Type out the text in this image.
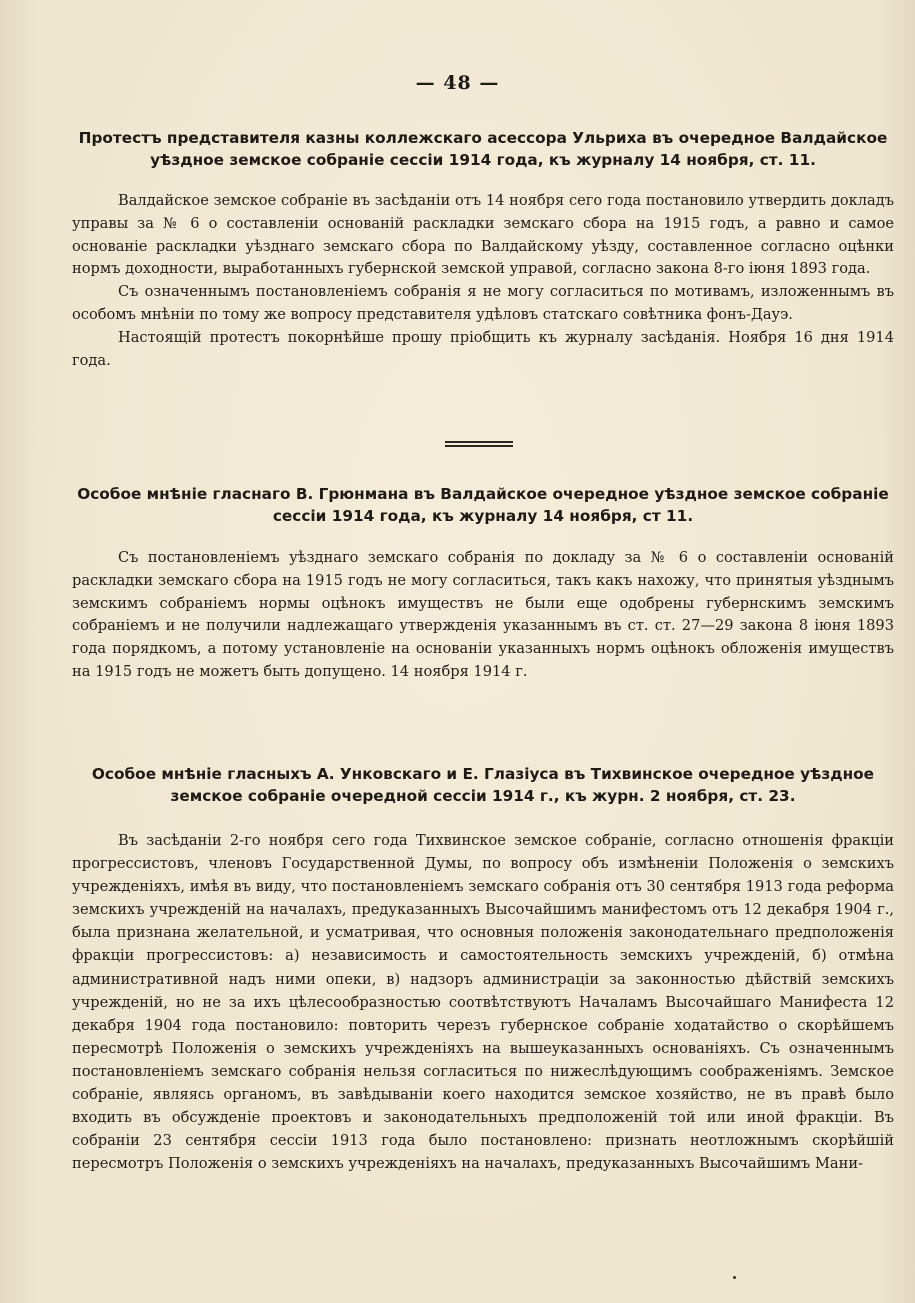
— 48 —

Протестъ представителя казны коллежскаго асессора Ульриха въ очередное Валдайское уѣздное земское собраніе сессіи 1914 года, къ журналу 14 ноября, ст. 11.

Валдайское земское собраніе въ засѣданіи отъ 14 ноября сего года постановило утвердить докладъ управы за № 6 о составленіи основаній раскладки земскаго сбора на 1915 годъ, а равно и самое основаніе раскладки уѣзднаго земскаго сбора по Валдайскому уѣзду, составленное согласно оцѣнки нормъ доходности, выработанныхъ губернской земской управой, согласно закона 8-го іюня 1893 года.

Съ означеннымъ постановленіемъ собранія я не могу согласиться по мотивамъ, изложеннымъ въ особомъ мнѣніи по тому же вопросу представителя удѣловъ статскаго совѣтника фонъ-Дауэ.

Настоящій протестъ покорнѣйше прошу пріобщить къ журналу засѣданія. Ноября 16 дня 1914 года.

Особое мнѣніе гласнаго В. Грюнмана въ Валдайское очередное уѣздное земское собраніе сессіи 1914 года, къ журналу 14 ноября, ст 11.

Съ постановленіемъ уѣзднаго земскаго собранія по докладу за № 6 о составленіи основаній раскладки земскаго сбора на 1915 годъ не могу согласиться, такъ какъ нахожу, что принятыя уѣзднымъ земскимъ собраніемъ нормы оцѣнокъ имуществъ не были еще одобрены губернскимъ земскимъ собраніемъ и не получили надлежащаго утвержденія указаннымъ въ ст. ст. 27—29 закона 8 іюня 1893 года порядкомъ, а потому установленіе на основаніи указанныхъ нормъ оцѣнокъ обложенія имуществъ на 1915 годъ не можетъ быть допущено. 14 ноября 1914 г.

Особое мнѣніе гласныхъ А. Унковскаго и Е. Глазіуса въ Тихвинское очередное уѣздное земское собраніе очередной сессіи 1914 г., къ журн. 2 ноября, ст. 23.

Въ засѣданіи 2-го ноября сего года Тихвинское земское собраніе, согласно отношенія фракціи прогрессистовъ, членовъ Государственной Думы, по вопросу объ измѣненіи Положенія о земскихъ учрежденіяхъ, имѣя въ виду, что постановленіемъ земскаго собранія отъ 30 сентября 1913 года реформа земскихъ учрежденій на началахъ, предуказанныхъ Высочайшимъ манифестомъ отъ 12 декабря 1904 г., была признана желательной, и усматривая, что основныя положенія законодательнаго предположенія фракціи прогрессистовъ: а) независимость и самостоятельность земскихъ учрежденій, б) отмѣна административной надъ ними опеки, в) надзоръ администраціи за законностью дѣйствій земскихъ учрежденій, но не за ихъ цѣлесообразностью соотвѣтствуютъ Началамъ Высочайшаго Манифеста 12 декабря 1904 года постановило: повторить черезъ губернское собраніе ходатайство о скорѣйшемъ пересмотрѣ Положенія о земскихъ учрежденіяхъ на вышеуказанныхъ основаніяхъ. Съ означеннымъ постановленіемъ земскаго собранія нельзя согласиться по нижеслѣдующимъ соображеніямъ. Земское собраніе, являясь органомъ, въ завѣдываніи коего находится земское хозяйство, не въ правѣ было входить въ обсужденіе проектовъ и законодательныхъ предположеній той или иной фракціи. Въ собраніи 23 сентября сессіи 1913 года было постановлено: признать неотложнымъ скорѣйшій пересмотръ Положенія о земскихъ учрежденіяхъ на началахъ, предуказанныхъ Высочайшимъ Мани-
